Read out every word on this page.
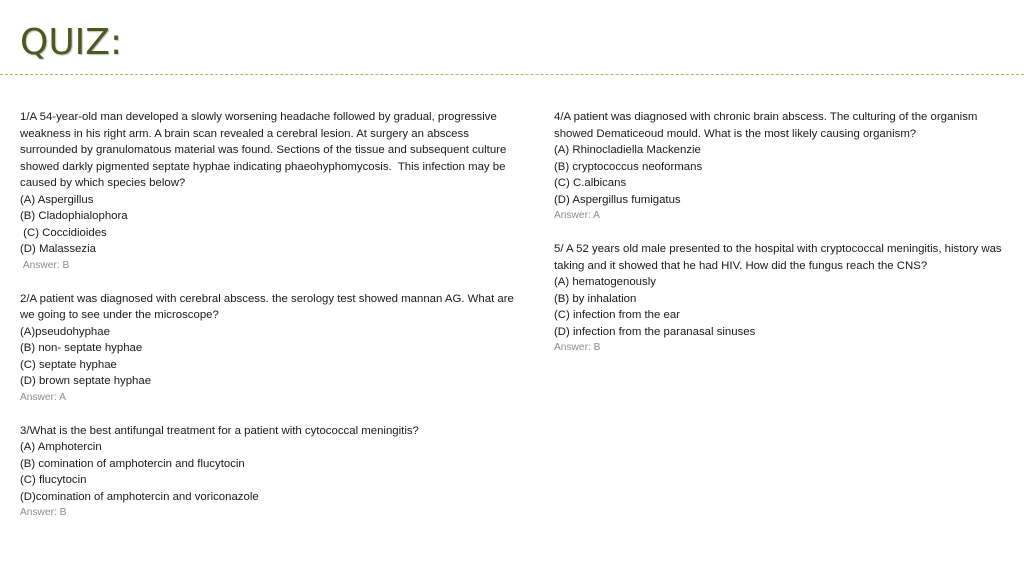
QUIZ:

1/A 54-year-old man developed a slowly worsening headache followed by gradual, progressive weakness in his right arm. A brain scan revealed a cerebral lesion. At surgery an abscess surrounded by granulomatous material was found. Sections of the tissue and subsequent culture showed darkly pigmented septate hyphae indicating phaeohyphomycosis.  This infection may be caused by which species below?

(A) Aspergillus

(B) Cladophialophora

(C) Coccidioides

(D) Malassezia

Answer: B

2/A patient was diagnosed with cerebral abscess. the serology test showed mannan AG. What are we going to see under the microscope?

(A)pseudohyphae

(B) non- septate hyphae

(C) septate hyphae

(D) brown septate hyphae

Answer: A

3/What is the best antifungal treatment for a patient with cytococcal meningitis?

(A) Amphotercin

(B) comination of amphotercin and flucytocin

(C) flucytocin

(D)comination of amphotercin and voriconazole

Answer: B

4/A patient was diagnosed with chronic brain abscess. The culturing of the organism showed Dematiceoud mould. What is the most likely causing organism?

(A) Rhinocladiella Mackenzie

(B) cryptococcus neoformans

(C) C.albicans

(D) Aspergillus fumigatus

Answer: A

5/ A 52 years old male presented to the hospital with cryptococcal meningitis, history was taking and it showed that he had HIV. How did the fungus reach the CNS?

(A) hematogenously

(B) by inhalation

(C) infection from the ear

(D) infection from the paranasal sinuses

Answer: B
